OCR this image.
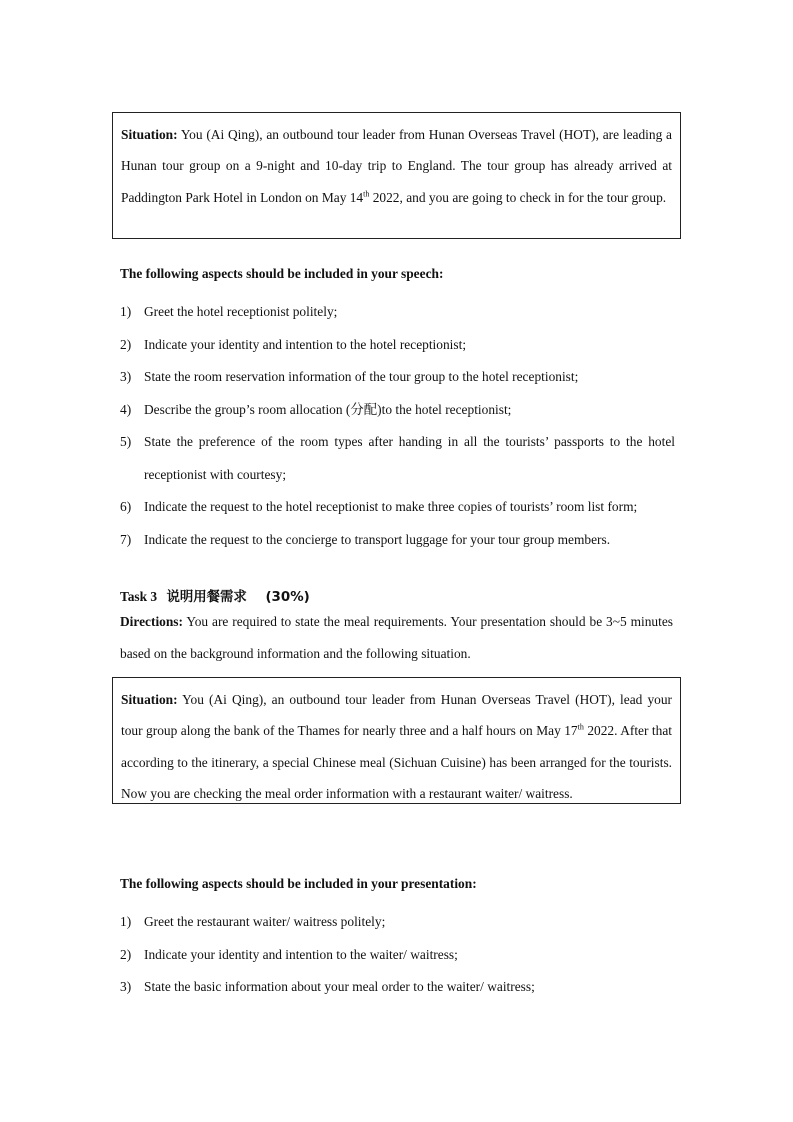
Situation: You (Ai Qing), an outbound tour leader from Hunan Overseas Travel (HOT), are leading a Hunan tour group on a 9-night and 10-day trip to England. The tour group has already arrived at Paddington Park Hotel in London on May 14th 2022, and you are going to check in for the tour group.
The following aspects should be included in your speech:
1) Greet the hotel receptionist politely;
2) Indicate your identity and intention to the hotel receptionist;
3) State the room reservation information of the tour group to the hotel receptionist;
4) Describe the group’s room allocation (分配)to the hotel receptionist;
5) State the preference of the room types after handing in all the tourists’ passports to the hotel receptionist with courtesy;
6) Indicate the request to the hotel receptionist to make three copies of tourists’ room list form;
7) Indicate the request to the concierge to transport luggage for your tour group members.
Task 3 说明用餐需求 (30%)
Directions: You are required to state the meal requirements. Your presentation should be 3~5 minutes based on the background information and the following situation.
Situation: You (Ai Qing), an outbound tour leader from Hunan Overseas Travel (HOT), lead your tour group along the bank of the Thames for nearly three and a half hours on May 17th 2022. After that according to the itinerary, a special Chinese meal (Sichuan Cuisine) has been arranged for the tourists. Now you are checking the meal order information with a restaurant waiter/ waitress.
The following aspects should be included in your presentation:
1) Greet the restaurant waiter/ waitress politely;
2) Indicate your identity and intention to the waiter/ waitress;
3) State the basic information about your meal order to the waiter/ waitress;
